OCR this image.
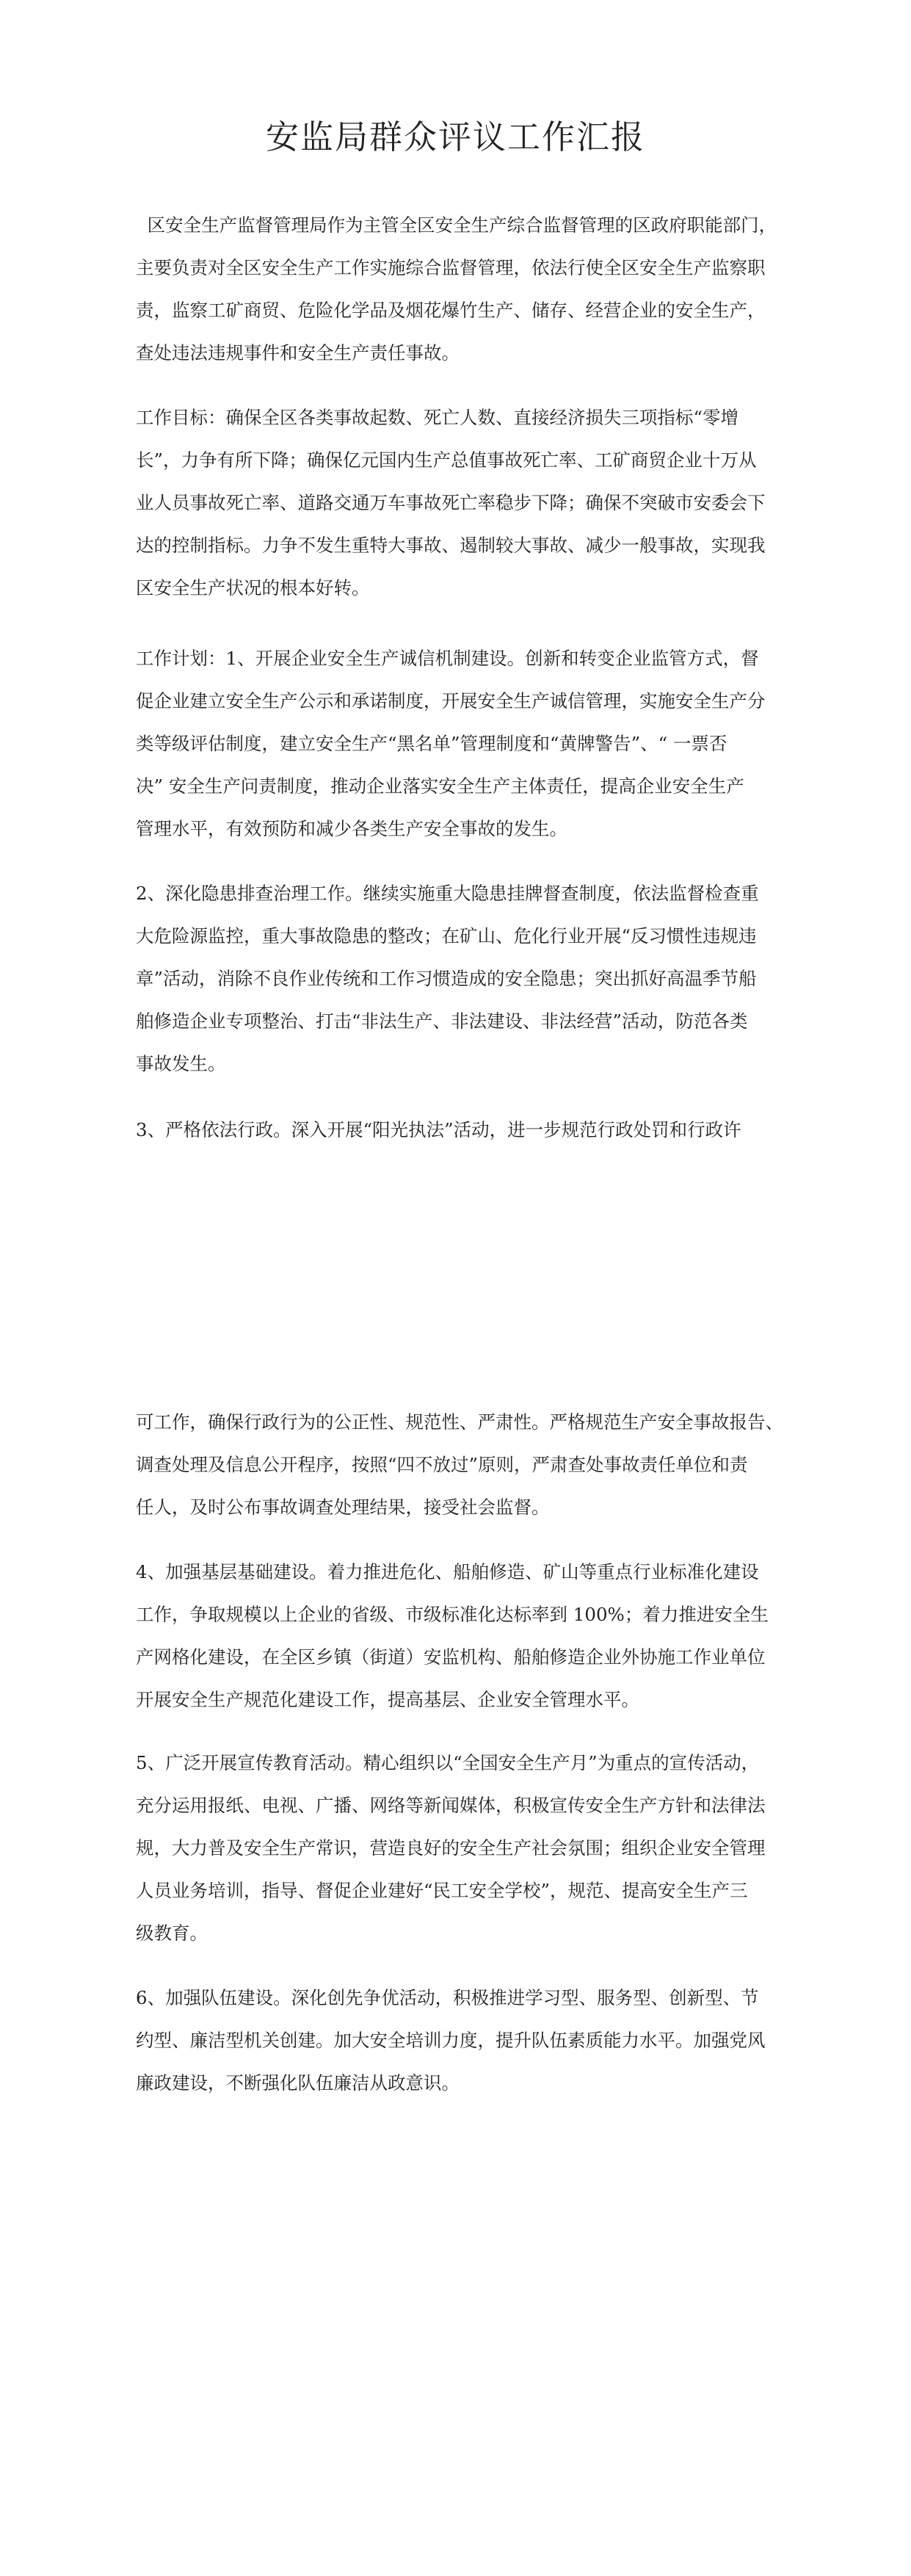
安监局群众评议工作汇报
区安全生产监督管理局作为主管全区安全生产综合监督管理的区政府职能部门，
主要负责对全区安全生产工作实施综合监督管理，依法行使全区安全生产监察职
责，监察工矿商贸、危险化学品及烟花爆竹生产、储存、经营企业的安全生产，
查处违法违规事件和安全生产责任事故。
工作目标：确保全区各类事故起数、死亡人数、直接经济损失三项指标“零增
长”，力争有所下降；确保亿元国内生产总值事故死亡率、工矿商贸企业十万从
业人员事故死亡率、道路交通万车事故死亡率稳步下降；确保不突破市安委会下
达的控制指标。力争不发生重特大事故、遏制较大事故、减少一般事故，实现我
区安全生产状况的根本好转。
工作计划：1、开展企业安全生产诚信机制建设。创新和转变企业监管方式，督
促企业建立安全生产公示和承诺制度，开展安全生产诚信管理，实施安全生产分
类等级评估制度，建立安全生产“黑名单”管理制度和“黄牌警告”、“ 一票否
决” 安全生产问责制度，推动企业落实安全生产主体责任，提高企业安全生产
管理水平，有效预防和减少各类生产安全事故的发生。
2、深化隐患排查治理工作。继续实施重大隐患挂牌督查制度，依法监督检查重
大危险源监控，重大事故隐患的整改；在矿山、危化行业开展“反习惯性违规违
章”活动，消除不良作业传统和工作习惯造成的安全隐患；突出抓好高温季节船
舶修造企业专项整治、打击“非法生产、非法建设、非法经营”活动，防范各类
事故发生。
3、严格依法行政。深入开展“阳光执法”活动，进一步规范行政处罚和行政许
可工作，确保行政行为的公正性、规范性、严肃性。严格规范生产安全事故报告、
调查处理及信息公开程序，按照“四不放过”原则，严肃查处事故责任单位和责
任人，及时公布事故调查处理结果，接受社会监督。
4、加强基层基础建设。着力推进危化、船舶修造、矿山等重点行业标准化建设
工作，争取规模以上企业的省级、市级标准化达标率到 100%；着力推进安全生
产网格化建设，在全区乡镇（街道）安监机构、船舶修造企业外协施工作业单位
开展安全生产规范化建设工作，提高基层、企业安全管理水平。
5、广泛开展宣传教育活动。精心组织以“全国安全生产月”为重点的宣传活动，
充分运用报纸、电视、广播、网络等新闻媒体，积极宣传安全生产方针和法律法
规，大力普及安全生产常识，营造良好的安全生产社会氛围；组织企业安全管理
人员业务培训，指导、督促企业建好“民工安全学校”，规范、提高安全生产三
级教育。
6、加强队伍建设。深化创先争优活动，积极推进学习型、服务型、创新型、节
约型、廉洁型机关创建。加大安全培训力度，提升队伍素质能力水平。加强党风
廉政建设，不断强化队伍廉洁从政意识。
